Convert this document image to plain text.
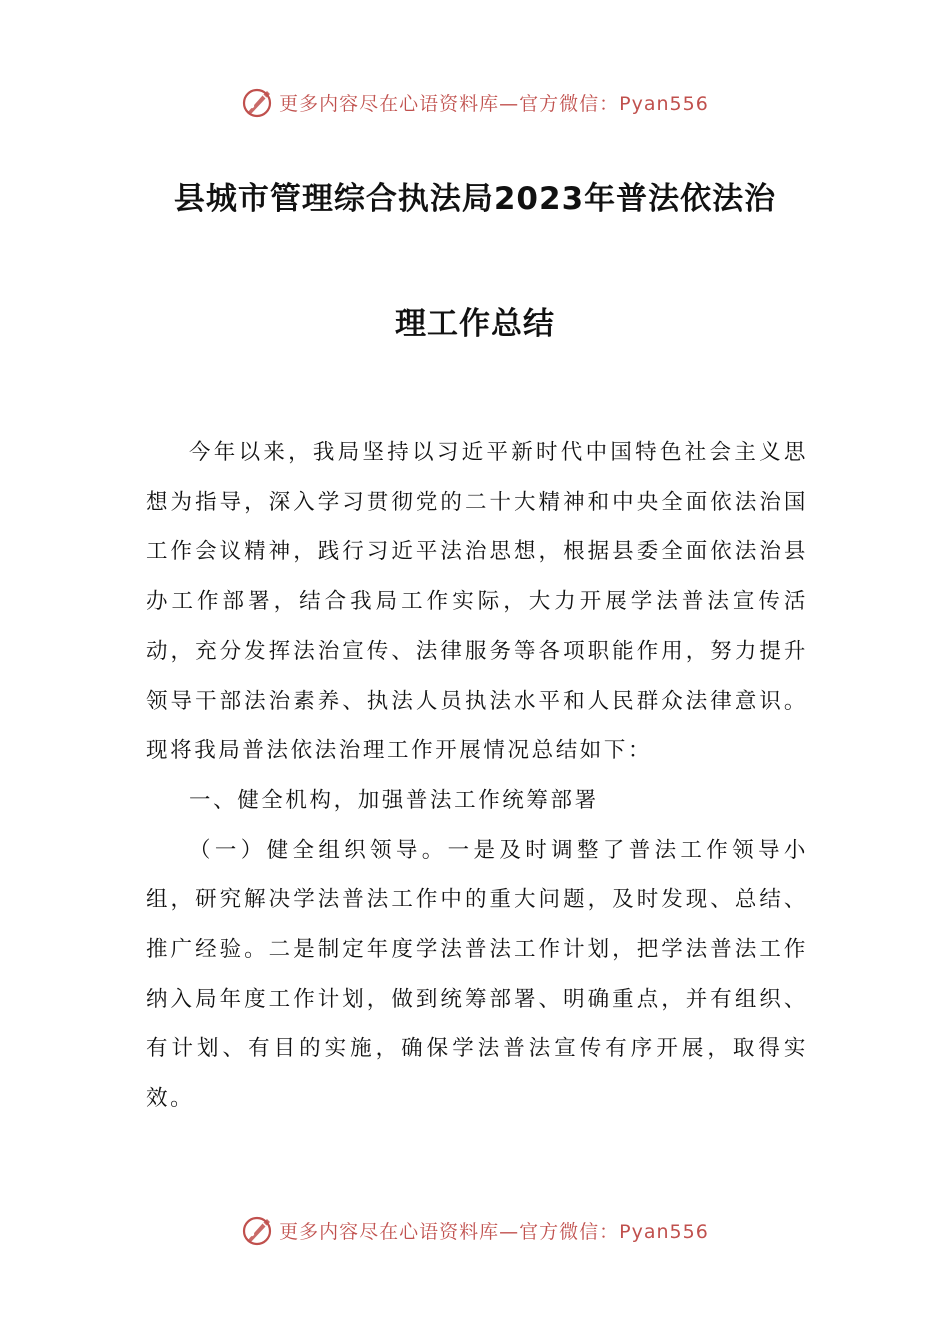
更多内容尽在心语资料库—官方微信：Pyan556
县城市管理综合执法局2023年普法依法治
理工作总结

今年以来，我局坚持以习近平新时代中国特色社会主义思想为指导，深入学习贯彻党的二十大精神和中央全面依法治国工作会议精神，践行习近平法治思想，根据县委全面依法治县办工作部署，结合我局工作实际，大力开展学法普法宣传活动，充分发挥法治宣传、法律服务等各项职能作用，努力提升领导干部法治素养、执法人员执法水平和人民群众法律意识。现将我局普法依法治理工作开展情况总结如下：

一、健全机构，加强普法工作统筹部署

（一）健全组织领导。一是及时调整了普法工作领导小组，研究解决学法普法工作中的重大问题，及时发现、总结、推广经验。二是制定年度学法普法工作计划，把学法普法工作纳入局年度工作计划，做到统筹部署、明确重点，并有组织、有计划、有目的实施，确保学法普法宣传有序开展，取得实效。

更多内容尽在心语资料库—官方微信：Pyan556
